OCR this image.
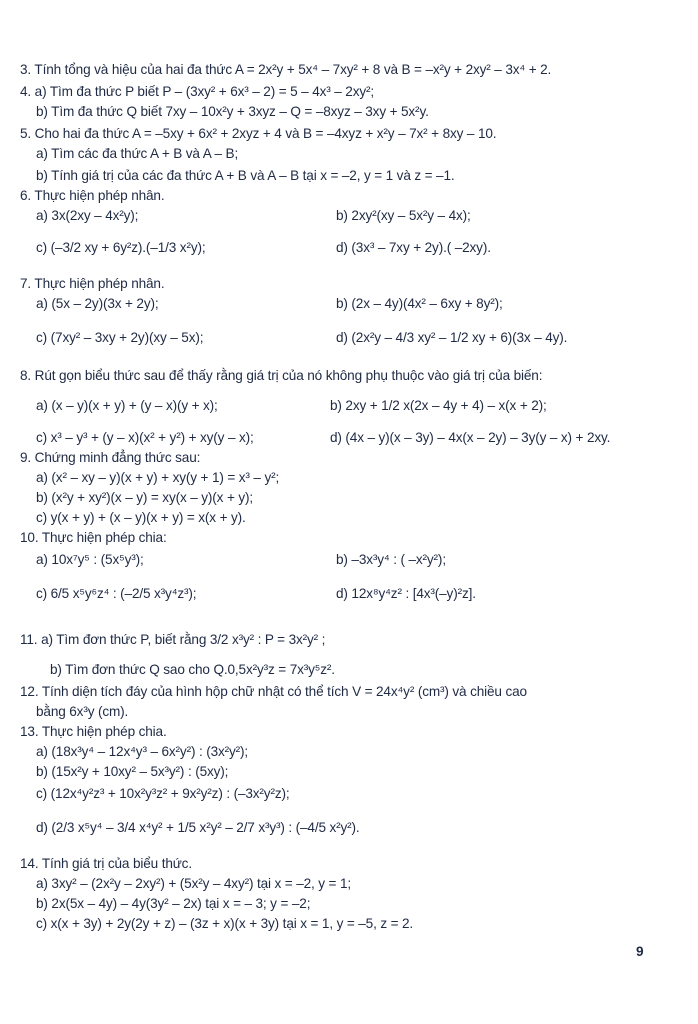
3. Tính tổng và hiệu của hai đa thức A = 2x²y + 5x⁴ – 7xy² + 8 và B = –x²y + 2xy² – 3x⁴ + 2.
4. a) Tìm đa thức P biết P – (3xy² + 6x³ – 2) = 5 – 4x³ – 2xy²;
b) Tìm đa thức Q biết 7xy – 10x²y + 3xyz – Q = –8xyz – 3xy + 5x²y.
5. Cho hai đa thức A = –5xy + 6x² + 2xyz + 4 và B = –4xyz + x²y – 7x² + 8xy – 10.
a) Tìm các đa thức A + B và A – B;
b) Tính giá trị của các đa thức A + B và A – B tại x = –2, y = 1 và z = –1.
6. Thực hiện phép nhân.
a) 3x(2xy – 4x²y);	b) 2xy²(xy – 5x²y – 4x);
c) (–3/2 xy + 6y²z).(–1/3 x²y);	d) (3x³ – 7xy + 2y).( –2xy).
7. Thực hiện phép nhân.
a) (5x – 2y)(3x + 2y);	b) (2x – 4y)(4x² – 6xy + 8y²);
c) (7xy² – 3xy + 2y)(xy – 5x);	d) (2x²y – 4/3 xy² – 1/2 xy + 6)(3x – 4y).
8. Rút gọn biểu thức sau để thấy rằng giá trị của nó không phụ thuộc vào giá trị của biến:
a) (x – y)(x + y) + (y – x)(y + x);	b) 2xy + 1/2 x(2x – 4y + 4) – x(x + 2);
c) x³ – y³ + (y – x)(x² + y²) + xy(y – x);	d) (4x – y)(x – 3y) – 4x(x – 2y) – 3y(y – x) + 2xy.
9. Chứng minh đẳng thức sau:
a) (x² – xy – y)(x + y) + xy(y + 1) = x³ – y²;
b) (x²y + xy²)(x – y) = xy(x – y)(x + y);
c) y(x + y) + (x – y)(x + y) = x(x + y).
10. Thực hiện phép chia:
a) 10x⁷y⁵ : (5x⁵y³);	b) –3x³y⁴ : ( –x²y²);
c) 6/5 x⁵y⁶z⁴ : (–2/5 x³y⁴z³);	d) 12x⁸y⁴z² : [4x³(–y)²z].
11. a) Tìm đơn thức P, biết rằng 3/2 x³y² : P = 3x²y² ;
b) Tìm đơn thức Q sao cho Q.0,5x²y³z = 7x³y⁵z².
12. Tính diện tích đáy của hình hộp chữ nhật có thể tích V = 24x⁴y² (cm³) và chiều cao
bằng 6x³y (cm).
13. Thực hiện phép chia.
a) (18x³y⁴ – 12x⁴y³ – 6x²y²) : (3x²y²);
b) (15x²y + 10xy² – 5x³y²) : (5xy);
c) (12x⁴y²z³ + 10x²y³z² + 9x²y²z) : (–3x²y²z);
d) (2/3 x⁵y⁴ – 3/4 x⁴y² + 1/5 x²y² – 2/7 x³y³) : (–4/5 x²y²).
14. Tính giá trị của biểu thức.
a) 3xy² – (2x²y – 2xy²) + (5x²y – 4xy²) tại x = –2, y = 1;
b) 2x(5x – 4y) – 4y(3y² – 2x) tại x = – 3; y = –2;
c) x(x + 3y) + 2y(2y + z) – (3z + x)(x + 3y) tại x = 1, y = –5, z = 2.
9
